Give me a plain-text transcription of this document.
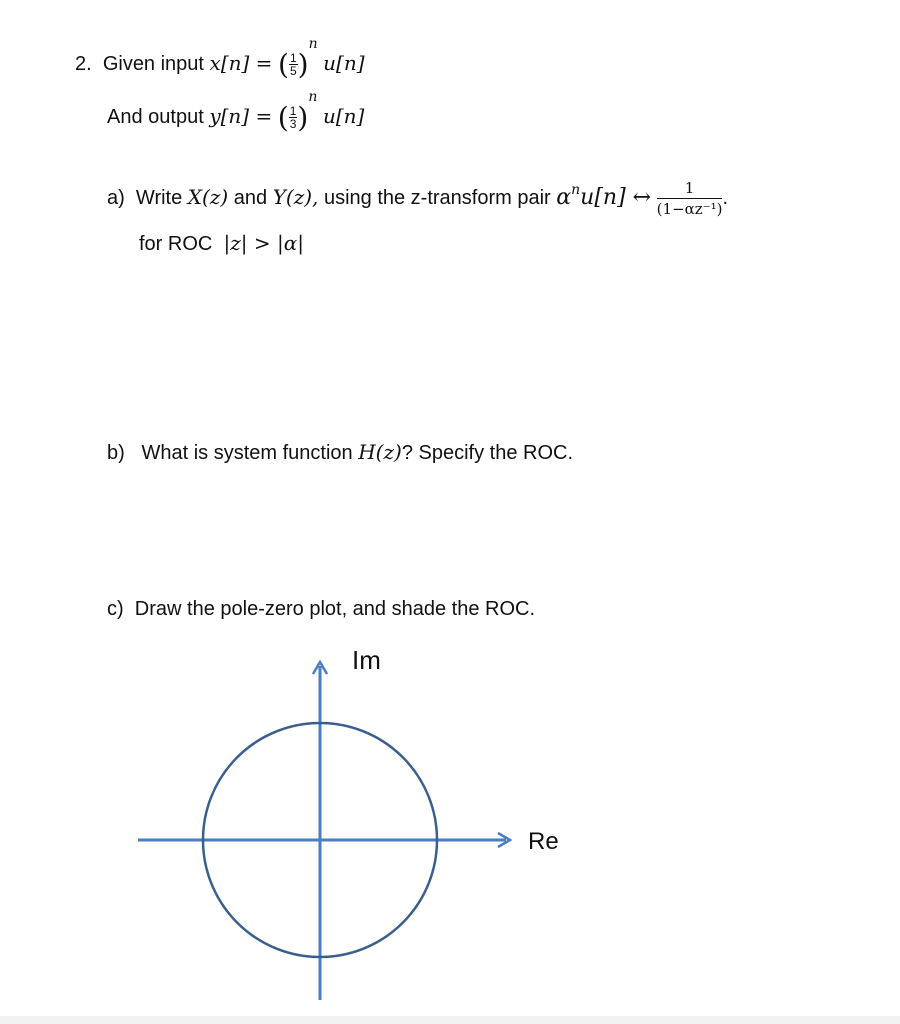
2. Given input x[n] = ( $\frac{1}{5} )^n$ u[n]
And output y[n] = ( $\frac{1}{3} )^n$ u[n]
a) Write X(z) and Y(z), using the z-transform pair $\alpha^nu[n]$ ↔ $\frac{1}{\text{(1−αz⁻¹)}}$ .
for ROC |z| > |α|
b) What is system function H(z)? Specify the ROC.
c) Draw the pole-zero plot, and shade the ROC.
Im
Re
